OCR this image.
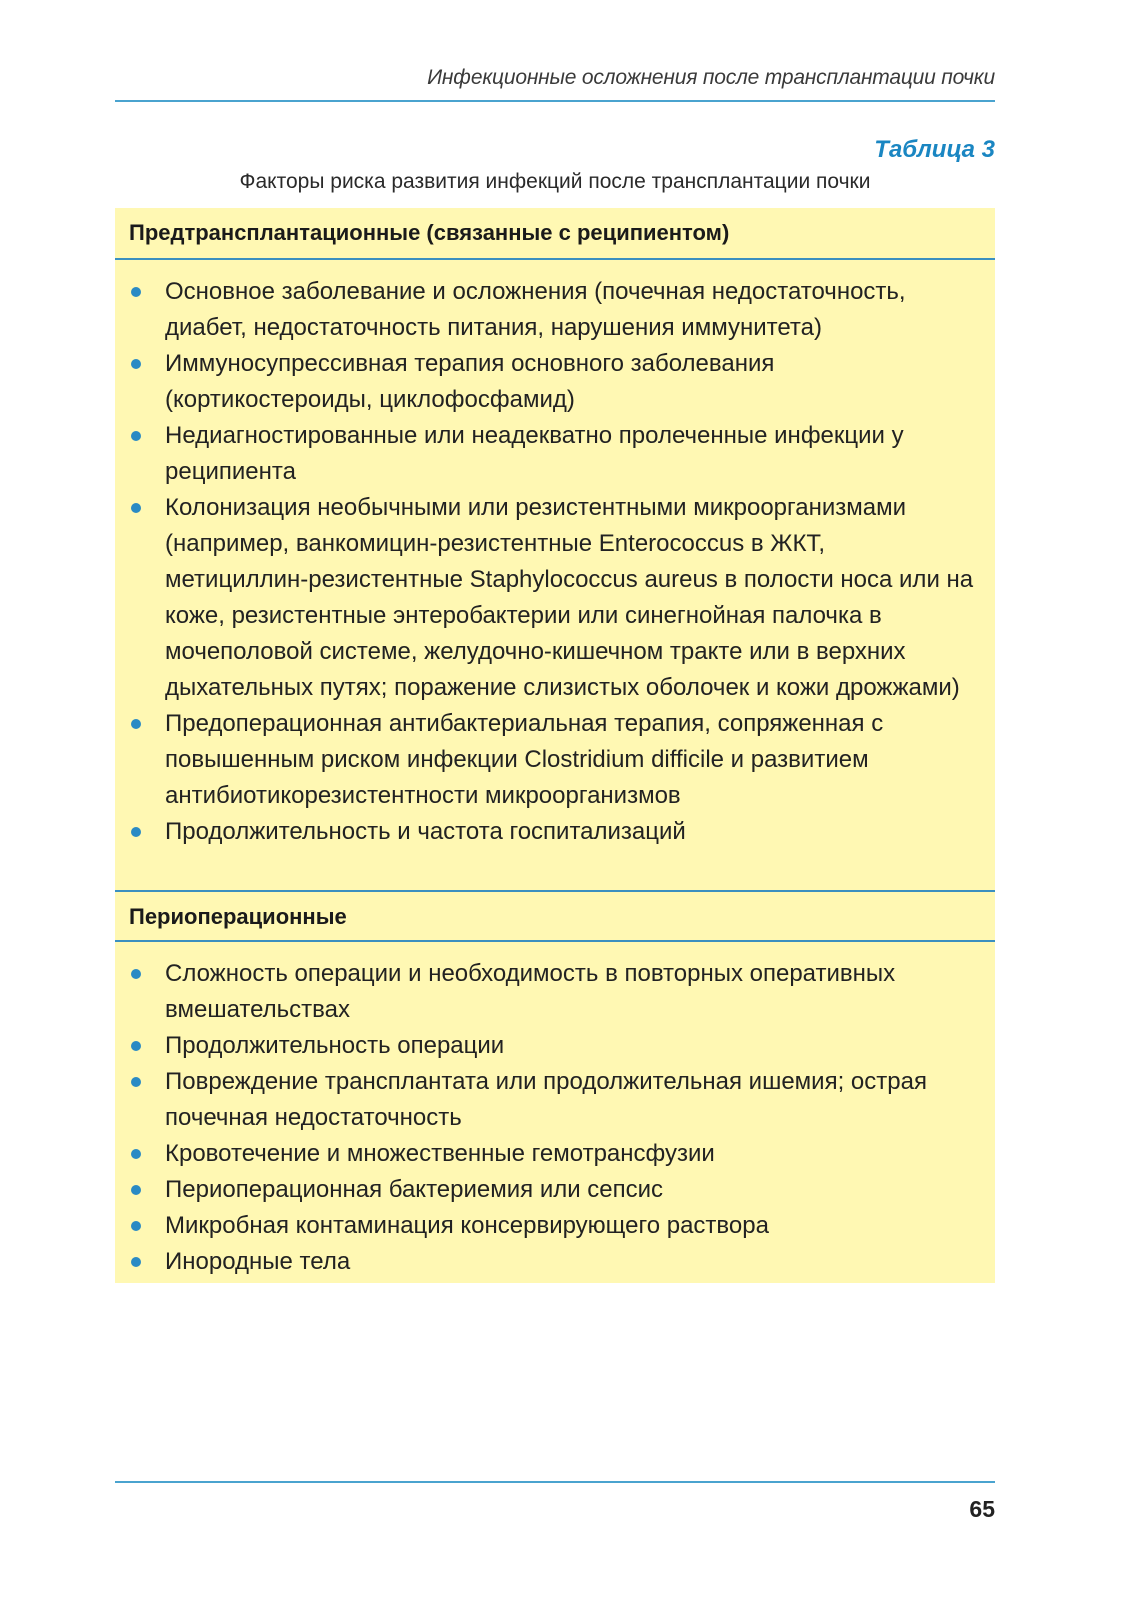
Инфекционные осложнения после трансплантации почки
Таблица 3
Факторы риска развития инфекций после трансплантации почки
Предтрансплантационные (связанные с реципиентом)
Основное заболевание и осложнения (почечная недостаточность, диабет, недостаточность питания, нарушения иммунитета)
Иммуносупрессивная терапия основного заболевания (кортикостероиды, циклофосфамид)
Недиагностированные или неадекватно пролеченные инфекции у реципиента
Колонизация необычными или резистентными микроорганизмами (например, ванкомицин-резистентные Enterococcus в ЖКТ, метициллин-резистентные Staphylococcus aureus в полости носа или на коже, резистентные энтеробактерии или синегнойная палочка в мочеполовой системе, желудочно-кишечном тракте или в верхних дыхательных путях; поражение слизистых оболочек и кожи дрожжами)
Предоперационная антибактериальная терапия, сопряженная с повышенным риском инфекции Clostridium difficile и развитием антибиотикорезистентности микроорганизмов
Продолжительность и частота госпитализаций
Периоперационные
Сложность операции и необходимость в повторных оперативных вмешательствах
Продолжительность операции
Повреждение трансплантата или продолжительная ишемия; острая почечная недостаточность
Кровотечение и множественные гемотрансфузии
Периоперационная бактериемия или сепсис
Микробная контаминация консервирующего раствора
Инородные тела
65
